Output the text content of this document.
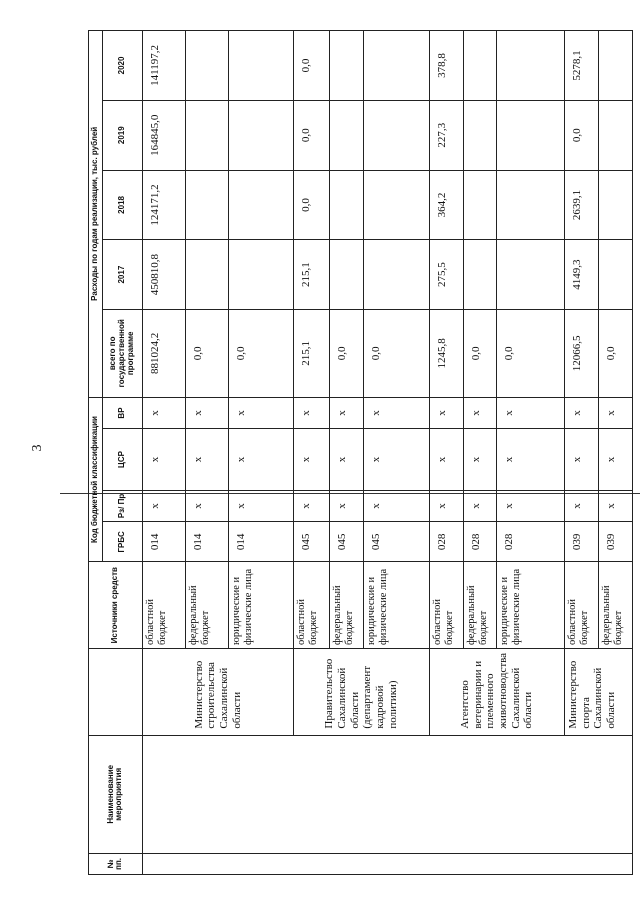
3
№ пп.	Наименование мероприятия		Источники средств	Код бюджетной классификации				Расходы по годам реализации, тыс. рублей				
				ГРБС	Рз/ Пр	ЦСР	ВР	всего по государственной программе	2017	2018	2019	2020
		Министерство строительства Сахалинской области	областной бюджет	014	х	х	х	881024,2	450810,8	124171,2	164845,0	141197,2
			федеральный бюджет	014	х	х	х	0,0				
			юридические и физические лица	014	х	х	х	0,0				
		Правительство Сахалинской области (департамент кадровой политики)	областной бюджет	045	х	х	х	215,1	215,1	0,0	0,0	0,0
			федеральный бюджет	045	х	х	х	0,0				
			юридические и физические лица	045	х	х	х	0,0				
		Агентство ветеринарии и племенного животноводства Сахалинской области	областной бюджет	028	х	х	х	1245,8	275,5	364,2	227,3	378,8
			федеральный бюджет	028	х	х	х	0,0				
			юридические и физические лица	028	х	х	х	0,0				
		Министерство спорта Сахалинской области	областной бюджет	039	х	х	х	12066,5	4149,3	2639,1	0,0	5278,1
			федеральный бюджет	039	х	х	х	0,0				
